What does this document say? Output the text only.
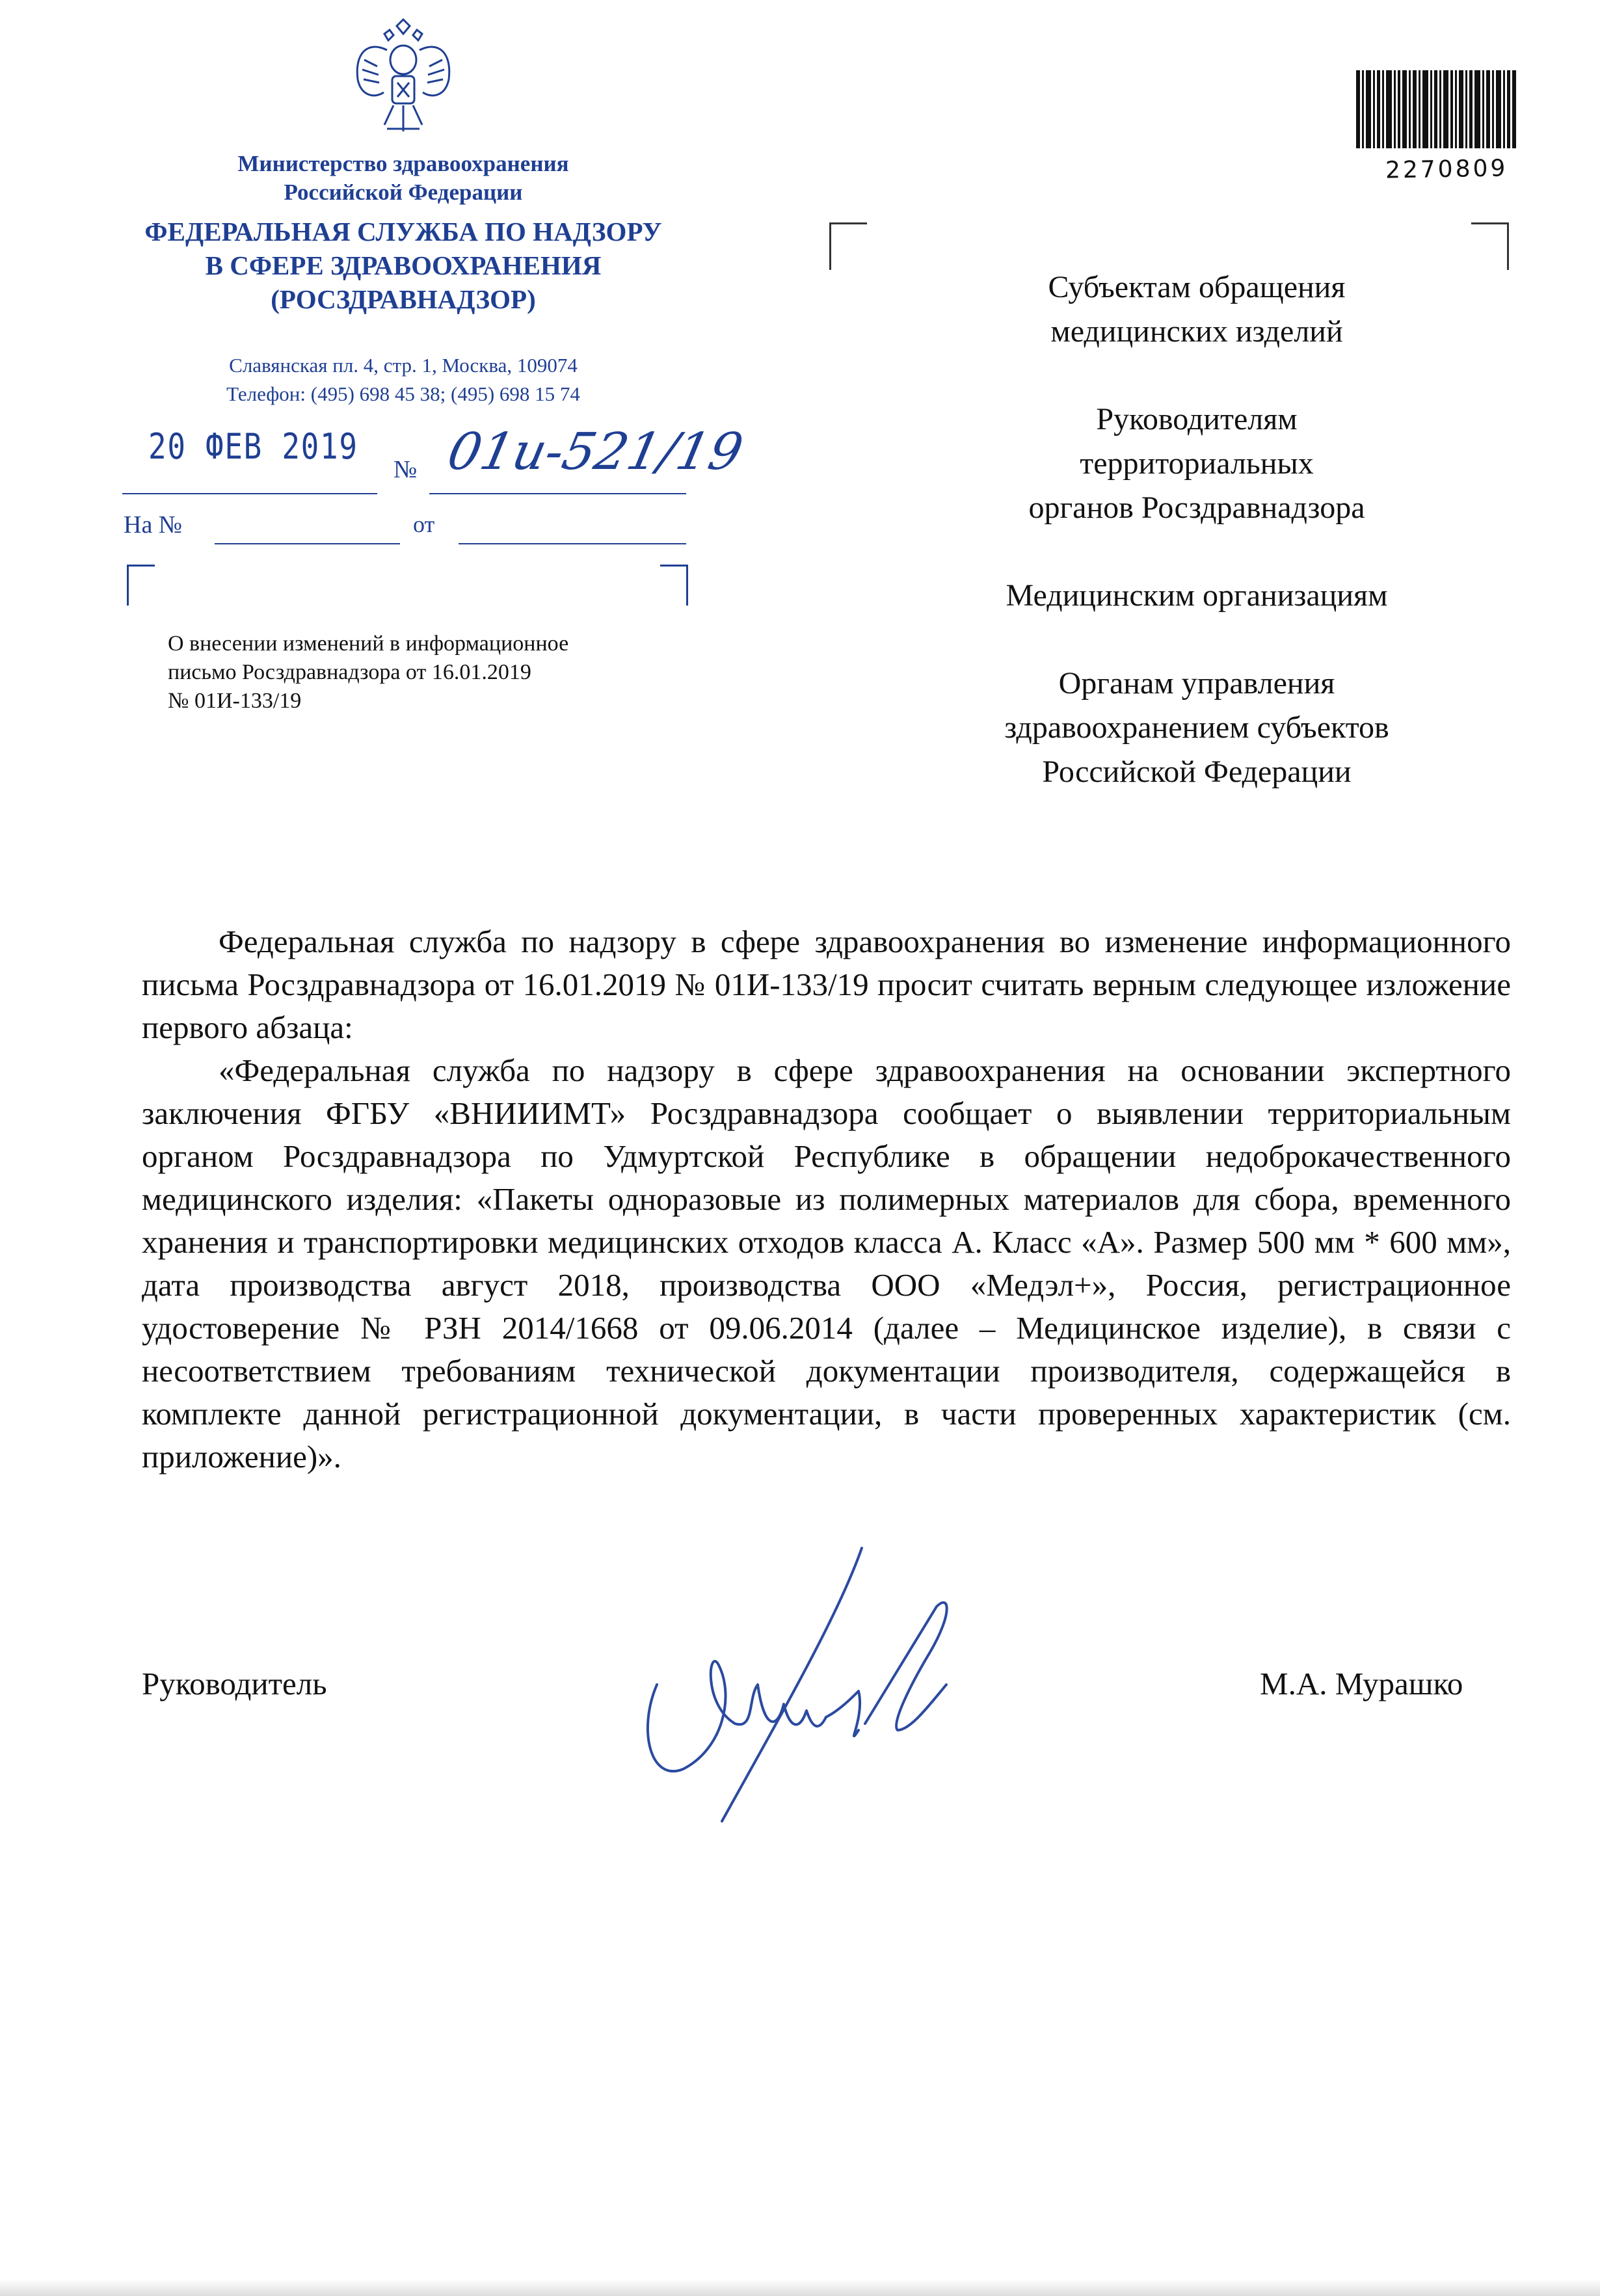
Министерство здравоохранения
Российской Федерации
ФЕДЕРАЛЬНАЯ СЛУЖБА ПО НАДЗОРУ
В СФЕРЕ ЗДРАВООХРАНЕНИЯ
(РОСЗДРАВНАДЗОР)
Славянская пл. 4, стр. 1, Москва, 109074
Телефон: (495) 698 45 38; (495) 698 15 74
20 ФЕВ 2019
№ 01и-521/19
На №	от
О внесении изменений в информационное
письмо Росздравнадзора от 16.01.2019
№ 01И-133/19
2270809

Субъектам обращения
медицинских изделий

Руководителям
территориальных
органов Росздравнадзора

Медицинским организациям

Органам управления
здравоохранением субъектов
Российской Федерации

Федеральная служба по надзору в сфере здравоохранения во изменение информационного письма Росздравнадзора от 16.01.2019 № 01И-133/19 просит считать верным следующее изложение первого абзаца:

«Федеральная служба по надзору в сфере здравоохранения на основании экспертного заключения ФГБУ «ВНИИИМТ» Росздравнадзора сообщает о выявлении территориальным органом Росздравнадзора по Удмуртской Республике в обращении недоброкачественного медицинского изделия: «Пакеты одноразовые из полимерных материалов для сбора, временного хранения и транспортировки медицинских отходов класса А. Класс «А». Размер 500 мм * 600 мм», дата производства август 2018, производства ООО «Медэл+», Россия, регистрационное удостоверение № РЗН 2014/1668 от 09.06.2014 (далее – Медицинское изделие), в связи с несоответствием требованиям технической документации производителя, содержащейся в комплекте данной регистрационной документации, в части проверенных характеристик (см. приложение)».

Руководитель	М.А. Мурашко
